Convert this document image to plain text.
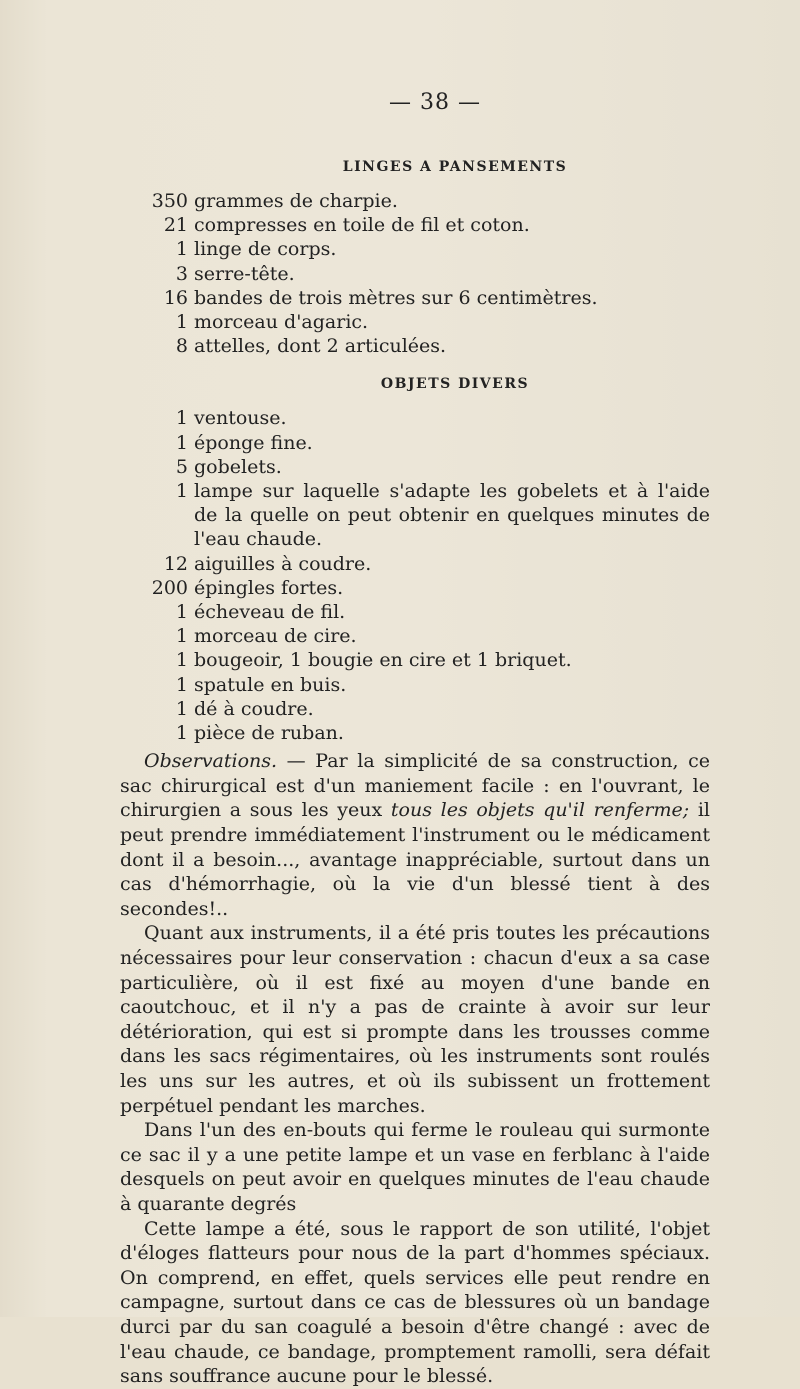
— 38 —
LINGES A PANSEMENTS
350 grammes de charpie.
21 compresses en toile de fil et coton.
1 linge de corps.
3 serre-tête.
16 bandes de trois mètres sur 6 centimètres.
1 morceau d'agaric.
8 attelles, dont 2 articulées.
OBJETS DIVERS
1 ventouse.
1 éponge fine.
5 gobelets.
1 lampe sur laquelle s'adapte les gobelets et à l'aide de la quelle on peut obtenir en quelques minutes de l'eau chaude.
12 aiguilles à coudre.
200 épingles fortes.
1 écheveau de fil.
1 morceau de cire.
1 bougeoir, 1 bougie en cire et 1 briquet.
1 spatule en buis.
1 dé à coudre.
1 pièce de ruban.

Observations. — Par la simplicité de sa construction, ce sac chirurgical est d'un maniement facile : en l'ouvrant, le chirurgien a sous les yeux tous les objets qu'il renferme; il peut prendre immédiatement l'instrument ou le médicament dont il a besoin..., avantage inappréciable, surtout dans un cas d'hémorrhagie, où la vie d'un blessé tient à des secondes!..

Quant aux instruments, il a été pris toutes les précautions nécessaires pour leur conservation : chacun d'eux a sa case particulière, où il est fixé au moyen d'une bande en caoutchouc, et il n'y a pas de crainte à avoir sur leur détérioration, qui est si prompte dans les trousses comme dans les sacs régimentaires, où les instruments sont roulés les uns sur les autres, et où ils subissent un frottement perpétuel pendant les marches.

Dans l'un des en-bouts qui ferme le rouleau qui surmonte ce sac il y a une petite lampe et un vase en ferblanc à l'aide desquels on peut avoir en quelques minutes de l'eau chaude à quarante degrés

Cette lampe a été, sous le rapport de son utilité, l'objet d'éloges flatteurs pour nous de la part d'hommes spéciaux. On comprend, en effet, quels services elle peut rendre en campagne, surtout dans ce cas de blessures où un bandage durci par du san coagulé a besoin d'être changé : avec de l'eau chaude, ce bandage, promptement ramolli, sera défait sans souffrance aucune pour le blessé.
